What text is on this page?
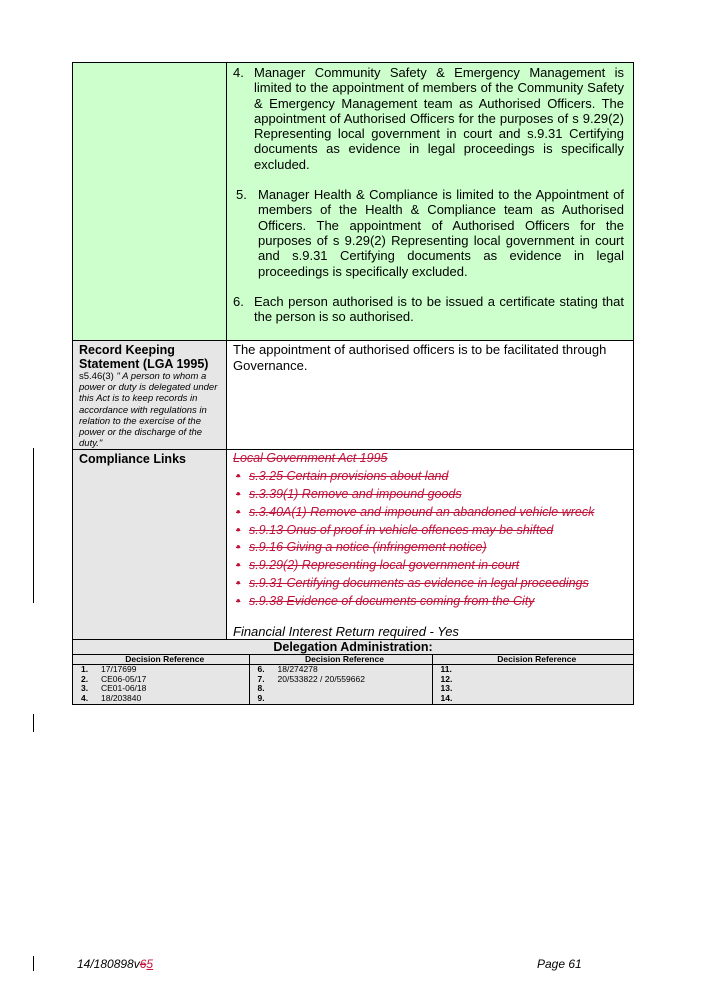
4. Manager Community Safety & Emergency Management is limited to the appointment of members of the Community Safety & Emergency Management team as Authorised Officers. The appointment of Authorised Officers for the purposes of s 9.29(2) Representing local government in court and s.9.31 Certifying documents as evidence in legal proceedings is specifically excluded.
5. Manager Health & Compliance is limited to the Appointment of members of the Health & Compliance team as Authorised Officers. The appointment of Authorised Officers for the purposes of s 9.29(2) Representing local government in court and s.9.31 Certifying documents as evidence in legal proceedings is specifically excluded.
6. Each person authorised is to be issued a certificate stating that the person is so authorised.

Record Keeping Statement (LGA 1995)
s5.46(3) " A person to whom a power or duty is delegated under this Act is to keep records in accordance with regulations in relation to the exercise of the power or the discharge of the duty."
	The appointment of authorised officers is to be facilitated through Governance.

Compliance Links	Local Government Act 1995
• s.3.25 Certain provisions about land
• s.3.39(1) Remove and impound goods
• s.3.40A(1) Remove and impound an abandoned vehicle wreck
• s.9.13 Onus of proof in vehicle offences may be shifted
• s.9.16 Giving a notice (infringement notice)
• s.9.29(2) Representing local government in court
• s.9.31 Certifying documents as evidence in legal proceedings
• s.9.38 Evidence of documents coming from the City
Financial Interest Return required - Yes

Delegation Administration:
Decision Reference	Decision Reference	Decision Reference
1. 17/17699	6. 18/274278	11.
2. CE06-05/17	7. 20/533822 / 20/559662	12.
3. CE01-06/18	8.	13.
4. 18/203840	9.	14.
14/180898v65	Page 61
